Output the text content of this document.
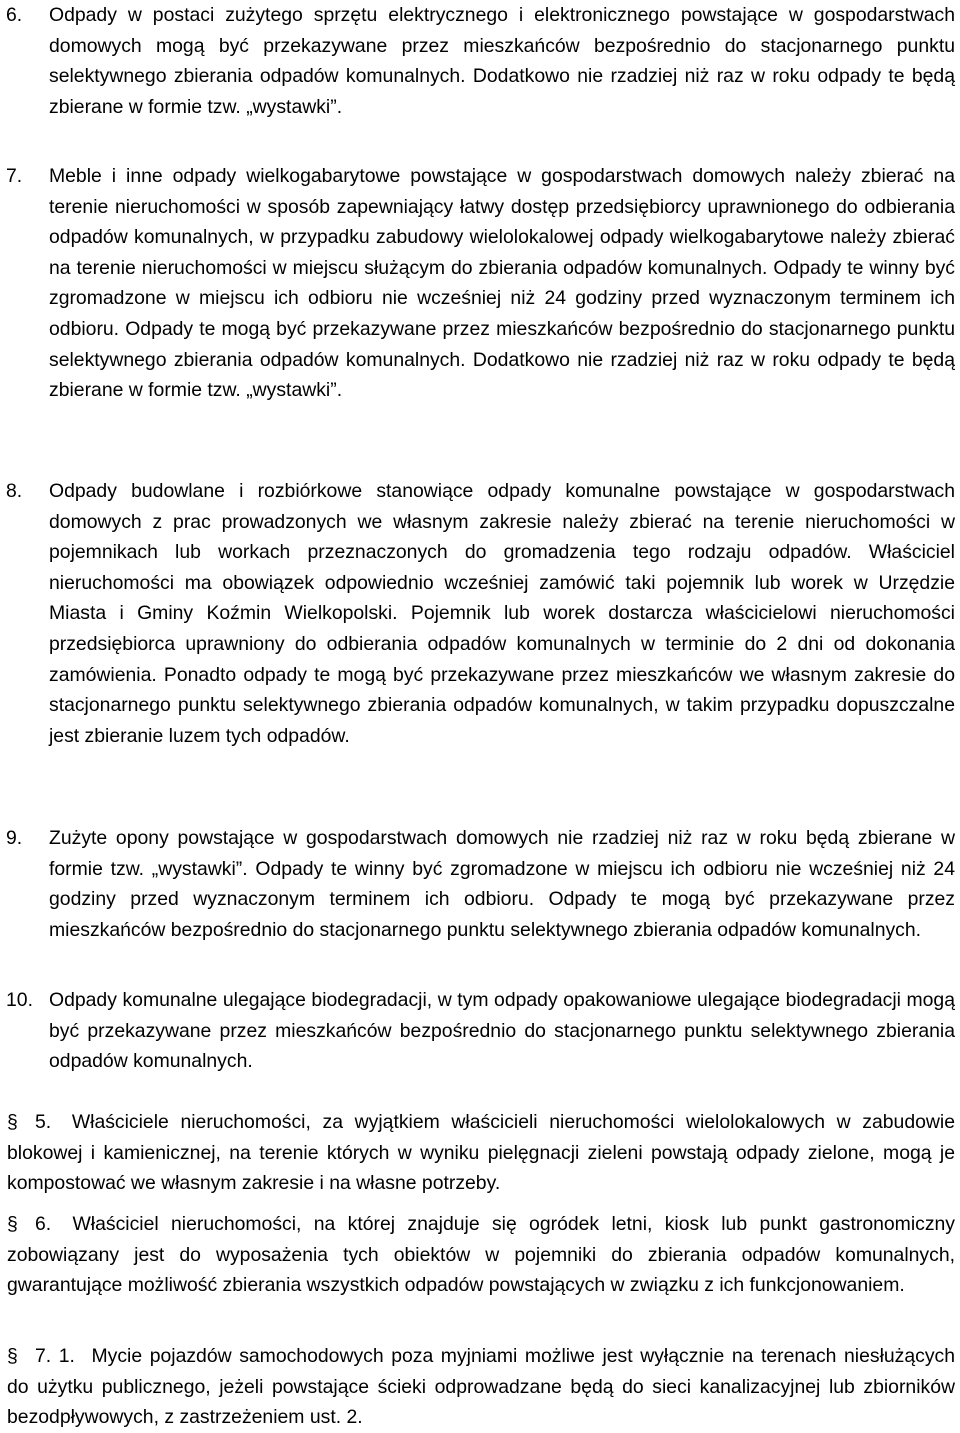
6. Odpady w postaci zużytego sprzętu elektrycznego i elektronicznego powstające w gospodarstwach domowych mogą być przekazywane przez mieszkańców bezpośrednio do stacjonarnego punktu selektywnego zbierania odpadów komunalnych. Dodatkowo nie rzadziej niż raz w roku odpady te będą zbierane w formie tzw. „wystawki”.
7. Meble i inne odpady wielkogabarytowe powstające w gospodarstwach domowych należy zbierać na terenie nieruchomości w sposób zapewniający łatwy dostęp przedsiębiorcy uprawnionego do odbierania odpadów komunalnych, w przypadku zabudowy wielolokalowej odpady wielkogabarytowe należy zbierać na terenie nieruchomości w miejscu służącym do zbierania odpadów komunalnych. Odpady te winny być zgromadzone w miejscu ich odbioru nie wcześniej niż 24 godziny przed wyznaczonym terminem ich odbioru. Odpady te mogą być przekazywane przez mieszkańców bezpośrednio do stacjonarnego punktu selektywnego zbierania odpadów komunalnych. Dodatkowo nie rzadziej niż raz w roku odpady te będą zbierane w formie tzw. „wystawki”.
8. Odpady budowlane i rozbiórkowe stanowiące odpady komunalne powstające w gospodarstwach domowych z prac prowadzonych we własnym zakresie należy zbierać na terenie nieruchomości w pojemnikach lub workach przeznaczonych do gromadzenia tego rodzaju odpadów. Właściciel nieruchomości ma obowiązek odpowiednio wcześniej zamówić taki pojemnik lub worek w Urzędzie Miasta i Gminy Koźmin Wielkopolski. Pojemnik lub worek dostarcza właścicielowi nieruchomości przedsiębiorca uprawniony do odbierania odpadów komunalnych w terminie do 2 dni od dokonania zamówienia. Ponadto odpady te mogą być przekazywane przez mieszkańców we własnym zakresie do stacjonarnego punktu selektywnego zbierania odpadów komunalnych, w takim przypadku dopuszczalne jest zbieranie luzem tych odpadów.
9. Zużyte opony powstające w gospodarstwach domowych nie rzadziej niż raz w roku będą zbierane w formie tzw. „wystawki”. Odpady te winny być zgromadzone w miejscu ich odbioru nie wcześniej niż 24 godziny przed wyznaczonym terminem ich odbioru. Odpady te mogą być przekazywane przez mieszkańców bezpośrednio do stacjonarnego punktu selektywnego zbierania odpadów komunalnych.
10. Odpady komunalne ulegające biodegradacji, w tym odpady opakowaniowe ulegające biodegradacji mogą być przekazywane przez mieszkańców bezpośrednio do stacjonarnego punktu selektywnego zbierania odpadów komunalnych.
§ 5. Właściciele nieruchomości, za wyjątkiem właścicieli nieruchomości wielolokalowych w zabudowie blokowej i kamienicznej, na terenie których w wyniku pielęgnacji zieleni powstają odpady zielone, mogą je kompostować we własnym zakresie i na własne potrzeby.
§ 6. Właściciel nieruchomości, na której znajduje się ogródek letni, kiosk lub punkt gastronomiczny zobowiązany jest do wyposażenia tych obiektów w pojemniki do zbierania odpadów komunalnych, gwarantujące możliwość zbierania wszystkich odpadów powstających w związku z ich funkcjonowaniem.
§ 7. 1. Mycie pojazdów samochodowych poza myjniami możliwe jest wyłącznie na terenach niesłużących do użytku publicznego, jeżeli powstające ścieki odprowadzane będą do sieci kanalizacyjnej lub zbiorników bezodpływowych, z zastrzeżeniem ust. 2.
